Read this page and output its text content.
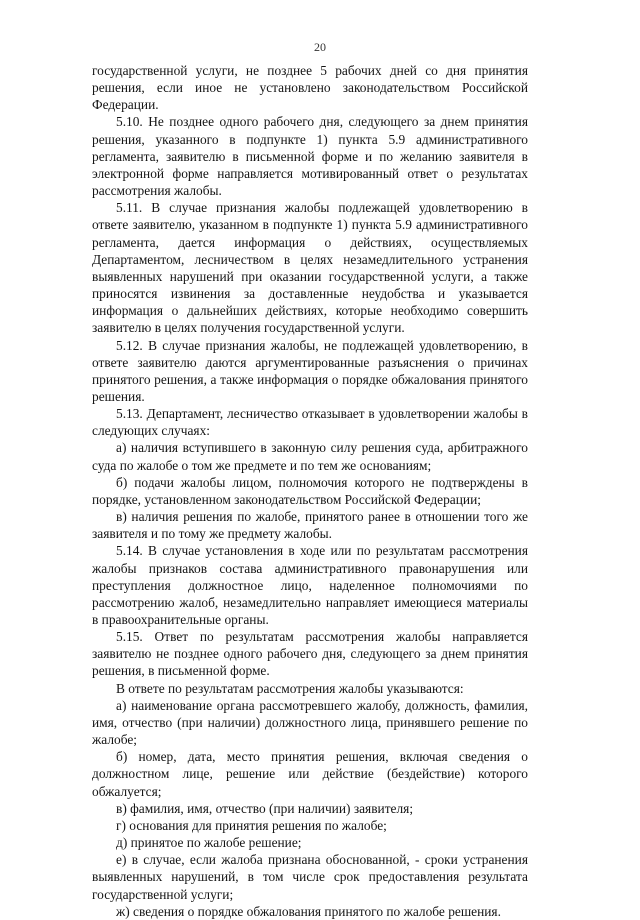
20

государственной услуги, не позднее 5 рабочих дней со дня принятия решения, если иное не установлено законодательством Российской Федерации.

5.10. Не позднее одного рабочего дня, следующего за днем принятия решения, указанного в подпункте 1) пункта 5.9 административного регламента, заявителю в письменной форме и по желанию заявителя в электронной форме направляется мотивированный ответ о результатах рассмотрения жалобы.

5.11. В случае признания жалобы подлежащей удовлетворению в ответе заявителю, указанном в подпункте 1) пункта 5.9 административного регламента, дается информация о действиях, осуществляемых Департаментом, лесничеством в целях незамедлительного устранения выявленных нарушений при оказании государственной услуги, а также приносятся извинения за доставленные неудобства и указывается информация о дальнейших действиях, которые необходимо совершить заявителю в целях получения государственной услуги.

5.12. В случае признания жалобы, не подлежащей удовлетворению, в ответе заявителю даются аргументированные разъяснения о причинах принятого решения, а также информация о порядке обжалования принятого решения.

5.13. Департамент, лесничество отказывает в удовлетворении жалобы в следующих случаях:

а) наличия вступившего в законную силу решения суда, арбитражного суда по жалобе о том же предмете и по тем же основаниям;

б) подачи жалобы лицом, полномочия которого не подтверждены в порядке, установленном законодательством Российской Федерации;

в) наличия решения по жалобе, принятого ранее в отношении того же заявителя и по тому же предмету жалобы.

5.14. В случае установления в ходе или по результатам рассмотрения жалобы признаков состава административного правонарушения или преступления должностное лицо, наделенное полномочиями по рассмотрению жалоб, незамедлительно направляет имеющиеся материалы в правоохранительные органы.

5.15. Ответ по результатам рассмотрения жалобы направляется заявителю не позднее одного рабочего дня, следующего за днем принятия решения, в письменной форме.

В ответе по результатам рассмотрения жалобы указываются:

а) наименование органа рассмотревшего жалобу, должность, фамилия, имя, отчество (при наличии) должностного лица, принявшего решение по жалобе;

б) номер, дата, место принятия решения, включая сведения о должностном лице, решение или действие (бездействие) которого обжалуется;

в) фамилия, имя, отчество (при наличии) заявителя;

г) основания для принятия решения по жалобе;

д) принятое по жалобе решение;

е) в случае, если жалоба признана обоснованной, - сроки устранения выявленных нарушений, в том числе срок предоставления результата государственной услуги;

ж) сведения о порядке обжалования принятого по жалобе решения.
